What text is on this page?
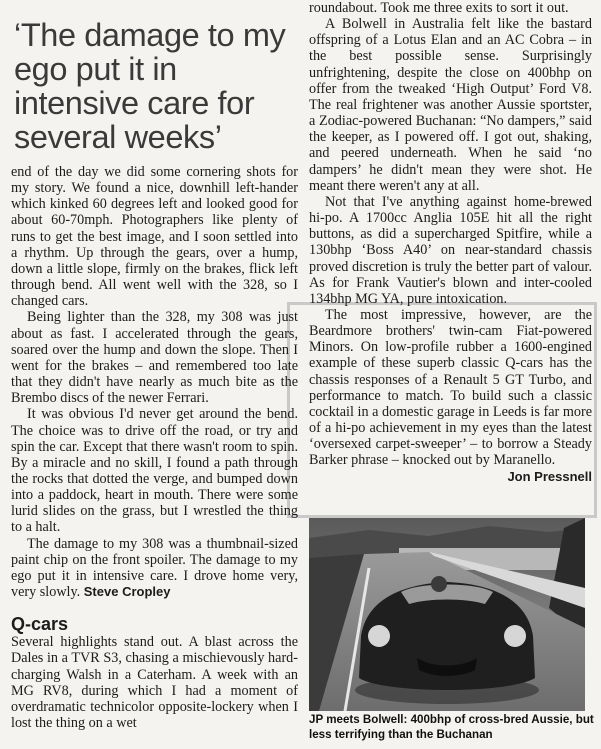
‘The damage to my ego put it in intensive care for several weeks’

end of the day we did some cornering shots for my story. We found a nice, downhill left-hander which kinked 60 degrees left and looked good for about 60-70mph. Photographers like plenty of runs to get the best image, and I soon settled into a rhythm. Up through the gears, over a hump, down a little slope, firmly on the brakes, flick left through bend. All went well with the 328, so I changed cars.

Being lighter than the 328, my 308 was just about as fast. I accelerated through the gears, soared over the hump and down the slope. Then I went for the brakes – and remembered too late that they didn't have nearly as much bite as the Brembo discs of the newer Ferrari.

It was obvious I'd never get around the bend. The choice was to drive off the road, or try and spin the car. Except that there wasn't room to spin. By a miracle and no skill, I found a path through the rocks that dotted the verge, and bumped down into a paddock, heart in mouth. There were some lurid slides on the grass, but I wrestled the thing to a halt.

The damage to my 308 was a thumbnail-sized paint chip on the front spoiler. The damage to my ego put it in intensive care. I drove home very, very slowly. Steve Cropley

Q-cars

Several highlights stand out. A blast across the Dales in a TVR S3, chasing a mischievously hard-charging Walsh in a Caterham. A week with an MG RV8, during which I had a moment of overdramatic technicolor opposite-lockery when I lost the thing on a wet

roundabout. Took me three exits to sort it out.

A Bolwell in Australia felt like the bastard offspring of a Lotus Elan and an AC Cobra – in the best possible sense. Surprisingly unfrightening, despite the close on 400bhp on offer from the tweaked ‘High Output’ Ford V8. The real frightener was another Aussie sportster, a Zodiac-powered Buchanan: “No dampers,” said the keeper, as I powered off. I got out, shaking, and peered underneath. When he said ‘no dampers’ he didn't mean they were shot. He meant there weren't any at all.

Not that I've anything against home-brewed hi-po. A 1700cc Anglia 105E hit all the right buttons, as did a supercharged Spitfire, while a 130bhp ‘Boss A40’ on near-standard chassis proved discretion is truly the better part of valour. As for Frank Vautier's blown and inter-cooled 134bhp MG YA, pure intoxication.

The most impressive, however, are the Beardmore brothers' twin-cam Fiat-powered Minors. On low-profile rubber a 1600-engined example of these superb classic Q-cars has the chassis responses of a Renault 5 GT Turbo, and performance to match. To build such a classic cocktail in a domestic garage in Leeds is far more of a hi-po achievement in my eyes than the latest ‘oversexed carpet-sweeper’ – to borrow a Steady Barker phrase – knocked out by Maranello.
Jon Pressnell

JP meets Bolwell: 400bhp of cross-bred Aussie, but less terrifying than the Buchanan
